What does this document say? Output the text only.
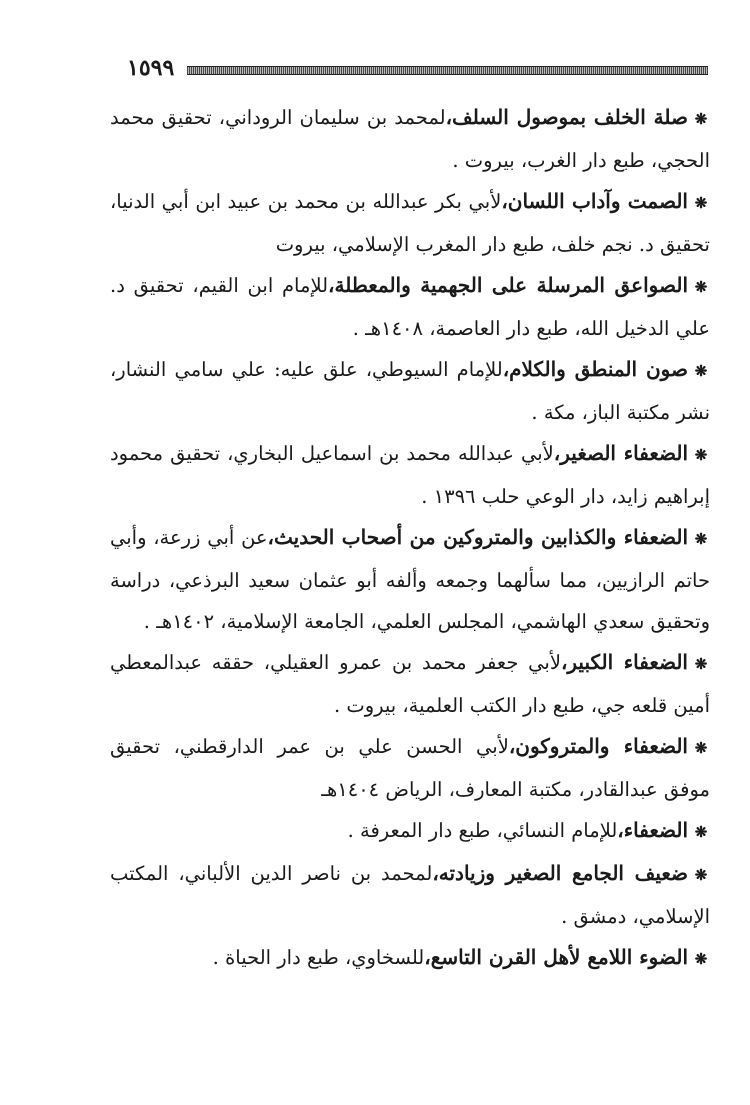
١٥٩٩

❋صلة الخلف بموصول السلف،لمحمد بن سليمان الروداني، تحقيق محمد الحجي، طبع دار الغرب، بيروت .

❋الصمت وآداب اللسان،لأبي بكر عبدالله بن محمد بن عبيد ابن أبي الدنيا، تحقيق د. نجم خلف، طبع دار المغرب الإسلامي، بيروت

❋الصواعق المرسلة على الجهمية والمعطلة،للإمام ابن القيم، تحقيق د. علي الدخيل الله، طبع دار العاصمة، ١٤٠٨هـ .

❋صون المنطق والكلام،للإمام السيوطي، علق عليه: علي سامي النشار، نشر مكتبة الباز، مكة .

❋الضعفاء الصغير،لأبي عبدالله محمد بن اسماعيل البخاري، تحقيق محمود إبراهيم زايد، دار الوعي حلب ١٣٩٦ .

❋الضعفاء والكذابين والمتروكين من أصحاب الحديث،عن أبي زرعة، وأبي حاتم الرازيين، مما سألهما وجمعه وألفه أبو عثمان سعيد البرذعي، دراسة وتحقيق سعدي الهاشمي، المجلس العلمي، الجامعة الإسلامية، ١٤٠٢هـ .

❋الضعفاء الكبير،لأبي جعفر محمد بن عمرو العقيلي، حققه عبدالمعطي أمين قلعه جي، طبع دار الكتب العلمية، بيروت .

❋الضعفاء والمتروكون،لأبي الحسن علي بن عمر الدارقطني، تحقيق موفق عبدالقادر، مكتبة المعارف، الرياض ١٤٠٤هـ

❋الضعفاء،للإمام النسائي، طبع دار المعرفة .

❋ضعيف الجامع الصغير وزيادته،لمحمد بن ناصر الدين الألباني، المكتب الإسلامي، دمشق .

❋الضوء اللامع لأهل القرن التاسع،للسخاوي، طبع دار الحياة .
